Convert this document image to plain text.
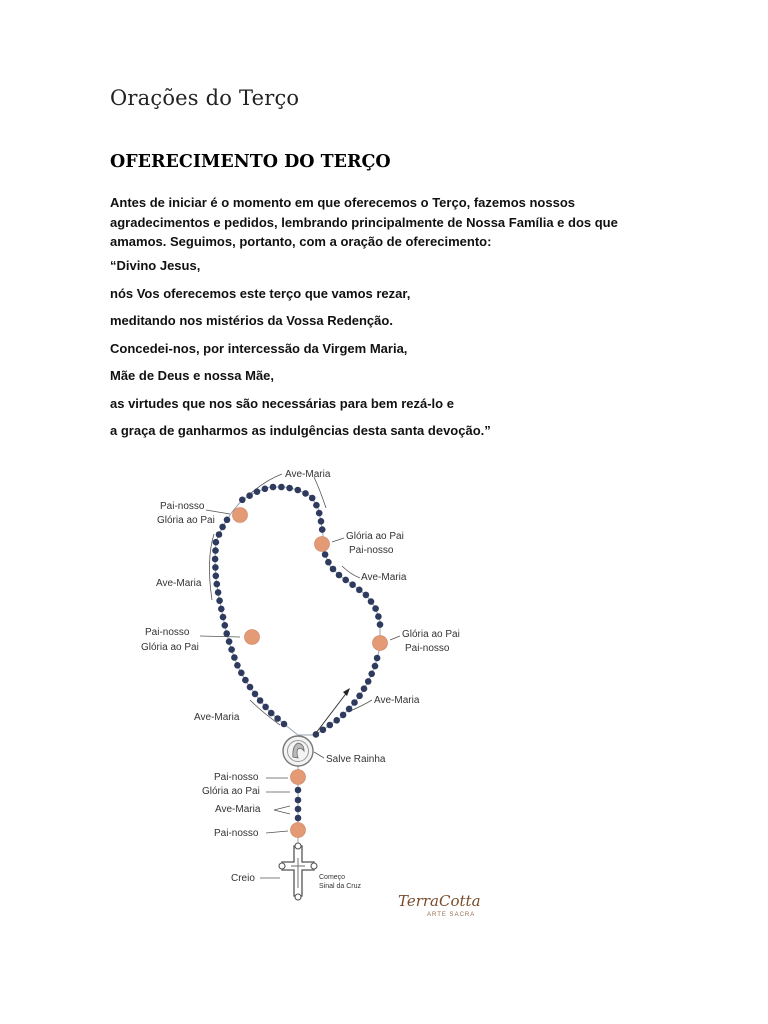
Orações do Terço
OFERECIMENTO DO TERÇO
Antes de iniciar é o momento em que oferecemos o Terço, fazemos nossos agradecimentos e pedidos, lembrando principalmente de Nossa Família e dos que amamos. Seguimos, portanto, com a oração de oferecimento:
“Divino Jesus,
nós Vos oferecemos este terço que vamos rezar,
meditando nos mistérios da Vossa Redenção.
Concedei-nos, por intercessão da Virgem Maria,
Mãe de Deus e nossa Mãe,
as virtudes que nos são necessárias para bem rezá-lo e
a graça de ganharmos as indulgências desta santa devoção.”
Ave-Maria
Pai-nosso
Glória ao Pai
Glória ao Pai
Pai-nosso
Ave-Maria
Ave-Maria
Pai-nosso
Glória ao Pai
Glória ao Pai
Pai-nosso
Ave-Maria
Ave-Maria
Salve Rainha
Pai-nosso
Glória ao Pai
Ave-Maria
Pai-nosso
Creio	Começo
Sinal da Cruz
TerraCotta
ARTE SACRA
